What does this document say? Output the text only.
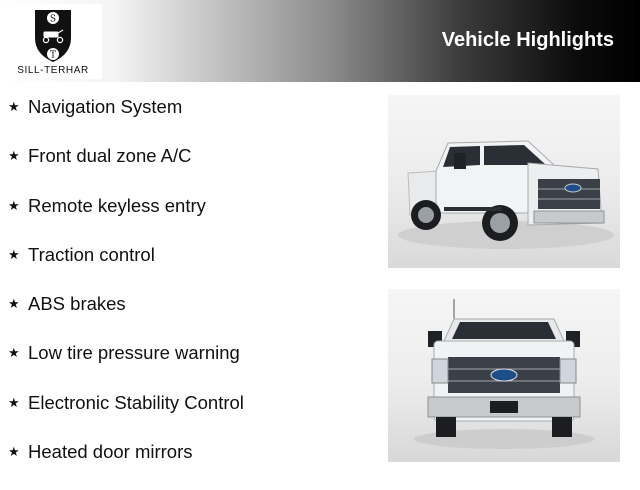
S
T
SILL-TERHAR
Vehicle Highlights
★ Navigation System
★ Front dual zone A/C
★ Remote keyless entry
★ Traction control
★ ABS brakes
★ Low tire pressure warning
★ Electronic Stability Control
★ Heated door mirrors
